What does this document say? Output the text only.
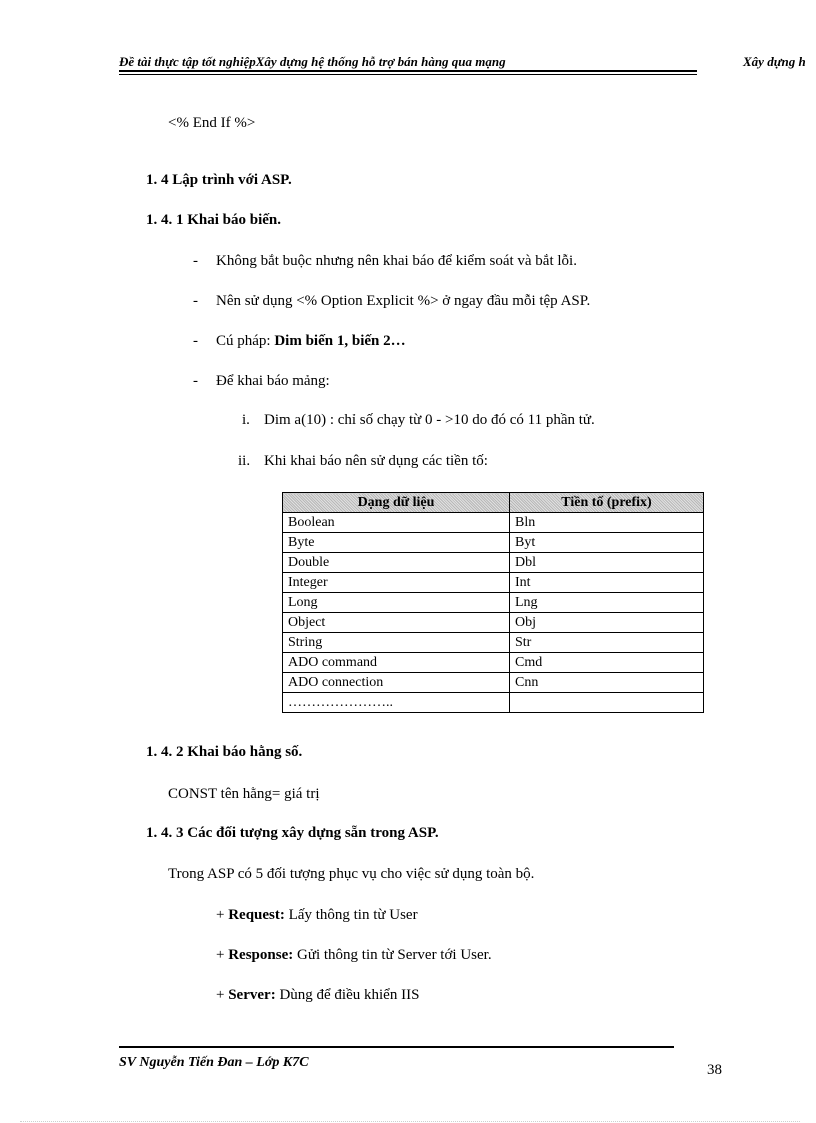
Đề tài thực tập tốt nghiệpXây dựng hệ thống hỗ trợ bán hàng qua mạng	Xây dựng h
<% End If %>
1. 4 Lập trình với ASP.
1. 4. 1 Khai báo biến.
- Không bắt buộc nhưng nên khai báo để kiểm soát và bắt lỗi.
- Nên sử dụng <% Option Explicit %> ở ngay đầu mỗi tệp ASP.
- Cú pháp: Dim biến 1, biến 2…
- Để khai báo mảng:
i. Dim a(10) : chỉ số chạy từ 0 - >10 do đó có 11 phần tử.
ii. Khi khai báo nên sử dụng các tiền tố:
Dạng dữ liệu	Tiền tố (prefix)
Boolean	Bln
Byte	Byt
Double	Dbl
Integer	Int
Long	Lng
Object	Obj
String	Str
ADO command	Cmd
ADO connection	Cnn
…………………..	
1. 4. 2 Khai báo hằng số.
CONST tên hằng= giá trị
1. 4. 3 Các đối tượng xây dựng sẵn trong ASP.
Trong ASP có 5 đối tượng phục vụ cho việc sử dụng toàn bộ.
+ Request: Lấy thông tin từ User
+ Response: Gửi thông tin từ Server tới User.
+ Server: Dùng để điều khiển IIS
SV Nguyễn Tiến Đan – Lớp K7C	38
